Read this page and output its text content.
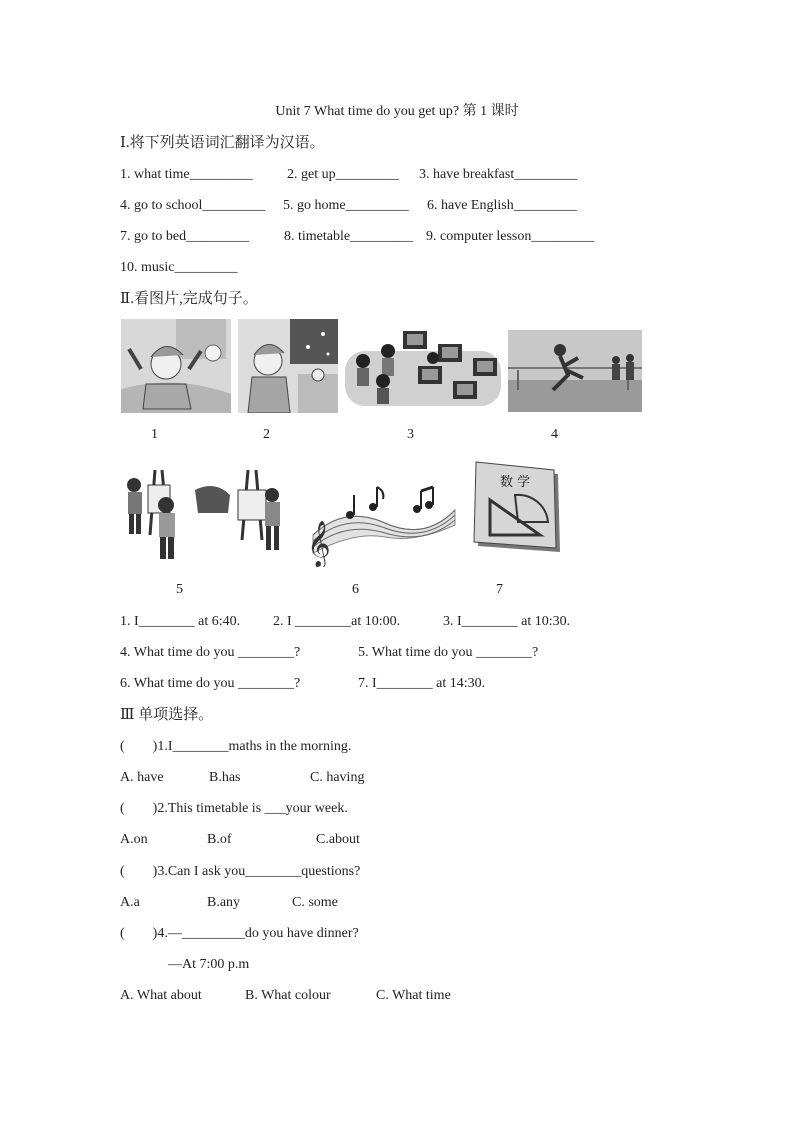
Unit 7 What time do you get up? 第 1 课时
Ⅰ.将下列英语词汇翻译为汉语。
1. what time_________ 2. get up_________ 3. have breakfast_________
4. go to school_________ 5. go home_________ 6. have English_________
7. go to bed_________ 8. timetable_________ 9. computer lesson_________
10. music_________
Ⅱ.看图片,完成句子。
1	2	3	4
𝄞
数 学
5	6	7
1. I________ at 6:40. 2. I ________at 10:00.	3. I________ at 10:30.
4. What time do you ________?	5. What time do you ________?
6. What time do you ________?	7. I________ at 14:30.
Ⅲ 单项选择。
(　　)1.I________maths in the morning.
A. have	B.has	C. having
(　　)2.This timetable is ___your week.
A.on	B.of	C.about
(　　)3.Can I ask you________questions?
A.a	B.any	C. some
(　　)4.—_________do you have dinner?
—At 7:00 p.m
A. What about	B. What colour	C. What time
